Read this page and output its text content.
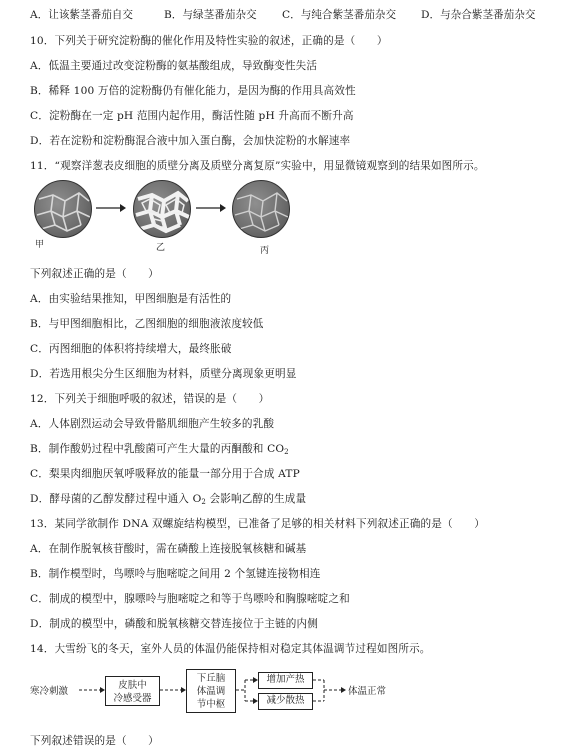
A．让该紫茎番茄自交	B．与绿茎番茄杂交 C．与纯合紫茎番茄杂交 D．与杂合紫茎番茄杂交
10．下列关于研究淀粉酶的催化作用及特性实验的叙述，正确的是（　　）
A．低温主要通过改变淀粉酶的氨基酸组成，导致酶变性失活
B．稀释 100 万倍的淀粉酶仍有催化能力，是因为酶的作用具高效性
C．淀粉酶在一定 pH 范围内起作用，酶活性随 pH 升高而不断升高
D．若在淀粉和淀粉酶混合液中加入蛋白酶，会加快淀粉的水解速率
11．“观察洋葱表皮细胞的质壁分离及质壁分离复原”实验中，用显微镜观察到的结果如图所示。
甲	乙	丙
下列叙述正确的是（　　）
A．由实验结果推知，甲图细胞是有活性的
B．与甲图细胞相比，乙图细胞的细胞液浓度较低
C．丙图细胞的体积将持续增大，最终胀破
D．若选用根尖分生区细胞为材料，质壁分离现象更明显
12．下列关于细胞呼吸的叙述，错误的是（　　）
A．人体剧烈运动会导致骨骼肌细胞产生较多的乳酸
B．制作酸奶过程中乳酸菌可产生大量的丙酮酸和 $CO_2$
C．梨果肉细胞厌氧呼吸释放的能量一部分用于合成 ATP
D．酵母菌的乙醇发酵过程中通入 $O_2$ 会影响乙醇的生成量
13．某同学欲制作 DNA 双螺旋结构模型，已准备了足够的相关材料下列叙述正确的是（　　）
A．在制作脱氧核苷酸时，需在磷酸上连接脱氧核糖和碱基
B．制作模型时，鸟嘌呤与胞嘧啶之间用 2 个氢键连接物相连
C．制成的模型中，腺嘌呤与胞嘧啶之和等于鸟嘌呤和胸腺嘧啶之和
D．制成的模型中，磷酸和脱氧核糖交替连接位于主链的内侧
14．大雪纷飞的冬天，室外人员的体温仍能保持相对稳定其体温调节过程如图所示。
寒冷刺激
皮肤中
冷感受器
下丘脑
体温调
节中枢
增加产热
减少散热
体温正常
下列叙述错误的是（　　）
